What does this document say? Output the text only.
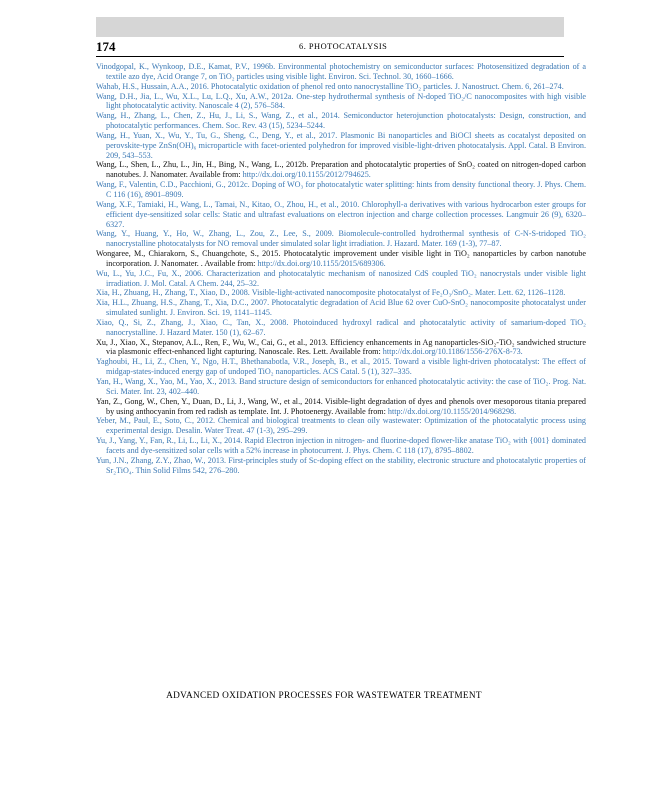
174	6. PHOTOCATALYSIS

Vinodgopal, K., Wynkoop, D.E., Kamat, P.V., 1996b. Environmental photochemistry on semiconductor surfaces: Photosensitized degradation of a textile azo dye, Acid Orange 7, on TiO₂ particles using visible light. Environ. Sci. Technol. 30, 1660–1666.

Wahab, H.S., Hussain, A.A., 2016. Photocatalytic oxidation of phenol red onto nanocrystalline TiO₂ particles. J. Nanostruct. Chem. 6, 261–274.

Wang, D.H., Jia, L., Wu, X.L., Lu, L.Q., Xu, A.W., 2012a. One-step hydrothermal synthesis of N-doped TiO₂/C nanocomposites with high visible light photocatalytic activity. Nanoscale 4 (2), 576–584.

Wang, H., Zhang, L., Chen, Z., Hu, J., Li, S., Wang, Z., et al., 2014. Semiconductor heterojunction photocatalysts: Design, construction, and photocatalytic performances. Chem. Soc. Rev. 43 (15), 5234–5244.

Wang, H., Yuan, X., Wu, Y., Tu, G., Sheng, C., Deng, Y., et al., 2017. Plasmonic Bi nanoparticles and BiOCl sheets as cocatalyst deposited on perovskite-type ZnSn(OH)₆ microparticle with facet-oriented polyhedron for improved visible-light-driven photocatalysis. Appl. Catal. B Environ. 209, 543–553.

Wang, L., Shen, L., Zhu, L., Jin, H., Bing, N., Wang, L., 2012b. Preparation and photocatalytic properties of SnO₂ coated on nitrogen-doped carbon nanotubes. J. Nanomater. Available from: http://dx.doi.org/10.1155/2012/794625.

Wang, F., Valentin, C.D., Pacchioni, G., 2012c. Doping of WO₃ for photocatalytic water splitting: hints from density functional theory. J. Phys. Chem. C 116 (16), 8901–8909.

Wang, X.F., Tamiaki, H., Wang, L., Tamai, N., Kitao, O., Zhou, H., et al., 2010. Chlorophyll-a derivatives with various hydrocarbon ester groups for efficient dye-sensitized solar cells: Static and ultrafast evaluations on electron injection and charge collection processes. Langmuir 26 (9), 6320–6327.

Wang, Y., Huang, Y., Ho, W., Zhang, L., Zou, Z., Lee, S., 2009. Biomolecule-controlled hydrothermal synthesis of C-N-S-tridoped TiO₂ nanocrystalline photocatalysts for NO removal under simulated solar light irradiation. J. Hazard. Mater. 169 (1-3), 77–87.

Wongaree, M., Chiarakorn, S., Chuangchote, S., 2015. Photocatalytic improvement under visible light in TiO₂ nanoparticles by carbon nanotube incorporation. J. Nanomater. . Available from: http://dx.doi.org/10.1155/2015/689306.

Wu, L., Yu, J.C., Fu, X., 2006. Characterization and photocatalytic mechanism of nanosized CdS coupled TiO₂ nanocrystals under visible light irradiation. J. Mol. Catal. A Chem. 244, 25–32.

Xia, H., Zhuang, H., Zhang, T., Xiao, D., 2008. Visible-light-activated nanocomposite photocatalyst of Fe₂O₃/SnO₂. Mater. Lett. 62, 1126–1128.

Xia, H.L., Zhuang, H.S., Zhang, T., Xia, D.C., 2007. Photocatalytic degradation of Acid Blue 62 over CuO-SnO₂ nanocomposite photocatalyst under simulated sunlight. J. Environ. Sci. 19, 1141–1145.

Xiao, Q., Si, Z., Zhang, J., Xiao, C., Tan, X., 2008. Photoinduced hydroxyl radical and photocatalytic activity of samarium-doped TiO₂ nanocrystalline. J. Hazard Mater. 150 (1), 62–67.

Xu, J., Xiao, X., Stepanov, A.L., Ren, F., Wu, W., Cai, G., et al., 2013. Efficiency enhancements in Ag nanoparticles-SiO₂-TiO₂ sandwiched structure via plasmonic effect-enhanced light capturing. Nanoscale. Res. Lett. Available from: http://dx.doi.org/10.1186/1556-276X-8-73.

Yaghoubi, H., Li, Z., Chen, Y., Ngo, H.T., Bhethanabotla, V.R., Joseph, B., et al., 2015. Toward a visible light-driven photocatalyst: The effect of midgap-states-induced energy gap of undoped TiO₂ nanoparticles. ACS Catal. 5 (1), 327–335.

Yan, H., Wang, X., Yao, M., Yao, X., 2013. Band structure design of semiconductors for enhanced photocatalytic activity: the case of TiO₂. Prog. Nat. Sci. Mater. Int. 23, 402–440.

Yan, Z., Gong, W., Chen, Y., Duan, D., Li, J., Wang, W., et al., 2014. Visible-light degradation of dyes and phenols over mesoporous titania prepared by using anthocyanin from red radish as template. Int. J. Photoenergy. Available from: http://dx.doi.org/10.1155/2014/968298.

Yeber, M., Paul, E., Soto, C., 2012. Chemical and biological treatments to clean oily wastewater: Optimization of the photocatalytic process using experimental design. Desalin. Water Treat. 47 (1-3), 295–299.

Yu, J., Yang, Y., Fan, R., Li, L., Li, X., 2014. Rapid Electron injection in nitrogen- and fluorine-doped flower-like anatase TiO₂ with {001} dominated facets and dye-sensitized solar cells with a 52% increase in photocurrent. J. Phys. Chem. C 118 (17), 8795–8802.

Yun, J.N., Zhang, Z.Y., Zhao, W., 2013. First-principles study of Sc-doping effect on the stability, electronic structure and photocatalytic properties of Sr₂TiO₄. Thin Solid Films 542, 276–280.

ADVANCED OXIDATION PROCESSES FOR WASTEWATER TREATMENT
